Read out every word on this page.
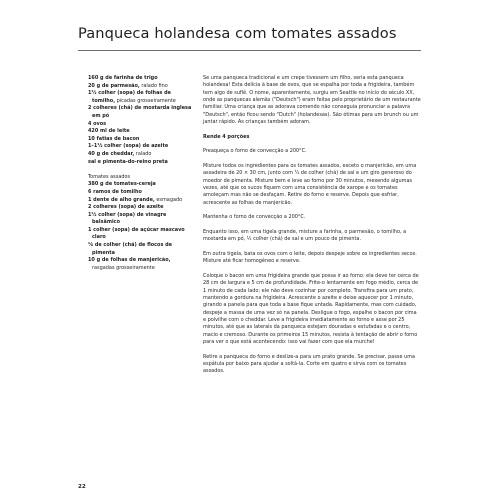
Panqueca holandesa com tomates assados

160 g de farinha de trigo

20 g de parmesão, ralado fino

1½ colher (sopa) de folhas de tomilho, picadas grosseiramente

2 colheres (chá) de mostarda inglesa em pó

4 ovos

420 ml de leite

10 fatias de bacon

1–1½ colher (sopa) de azeite

40 g de cheddar, ralado

sal e pimenta-do-reino preta

Tomates assados

380 g de tomates-cereja

6 ramos de tomilho

1 dente de alho grande, esmagado

2 colheres (sopa) de azeite

1½ colher (sopa) de vinagre balsâmico

1 colher (sopa) de açúcar mascavo claro

⅛ de colher (chá) de flocos de pimenta

10 g de folhas de manjericão, rasgadas grosseiramente

Se uma panqueca tradicional e um crepe tivessem um filho, seria esta panqueca holandesa! Esta delícia à base de ovos, que se espalha por toda a frigideira, também tem algo de suflê. O nome, aparentemente, surgiu em Seattle no início do século XX, onde as panquecas alemãs ("Deutsch") eram feitas pelo proprietário de um restaurante familiar. Uma criança que as adorava comendo não conseguia pronunciar a palavra "Deutsch", então ficou sendo "Dutch" (holandesas). São ótimas para um brunch ou um jantar rápido. As crianças também adoram.

Rende 4 porções

Preaqueça o forno de convecção a 200°C.

Misture todos os ingredientes para os tomates assados, exceto o manjericão, em uma assadeira de 20 × 30 cm, junto com ¼ de colher (chá) de sal e um giro generoso do moedor de pimenta. Misture bem e leve ao forno por 30 minutos, mexendo algumas vezes, até que os sucos fiquem com uma consistência de xarope e os tomates amoleçam mas não se desfaçam. Retire do forno e reserve. Depois que esfriar, acrescente as folhas de manjericão.

Mantenha o forno de convecção a 200°C.

Enquanto isso, em uma tigela grande, misture a farinha, o parmesão, o tomilho, a mostarda em pó, ½ colher (chá) de sal e um pouco de pimenta.

Em outra tigela, bata os ovos com o leite, depois despeje sobre os ingredientes secos. Misture até ficar homogêneo e reserve.

Coloque o bacon em uma frigideira grande que possa ir ao forno: ela deve ter cerca de 28 cm de largura e 5 cm de profundidade. Frite-o lentamente em fogo médio, cerca de 1 minuto de cada lado: ele não deve cozinhar por completo. Transfira para um prato, mantendo a gordura na frigideira. Acrescente o azeite e deixe aquecer por 1 minuto, girando a panela para que toda a base fique untada. Rapidamente, mas com cuidado, despeje a massa de uma vez só na panela. Desligue o fogo, espalhe o bacon por cima e polvilhe com o cheddar. Leve a frigideira imediatamente ao forno e asse por 25 minutos, até que as laterais da panqueca estejam douradas e estufadas e o centro, macio e cremoso. Durante os primeiros 15 minutos, resista à tentação de abrir o forno para ver o que está acontecendo: isso vai fazer com que ela murche!

Retire a panqueca do forno e deslize-a para um prato grande. Se precisar, passe uma espátula por baixo para ajudar a soltá-la. Corte em quatro e sirva com os tomates assados.

22
